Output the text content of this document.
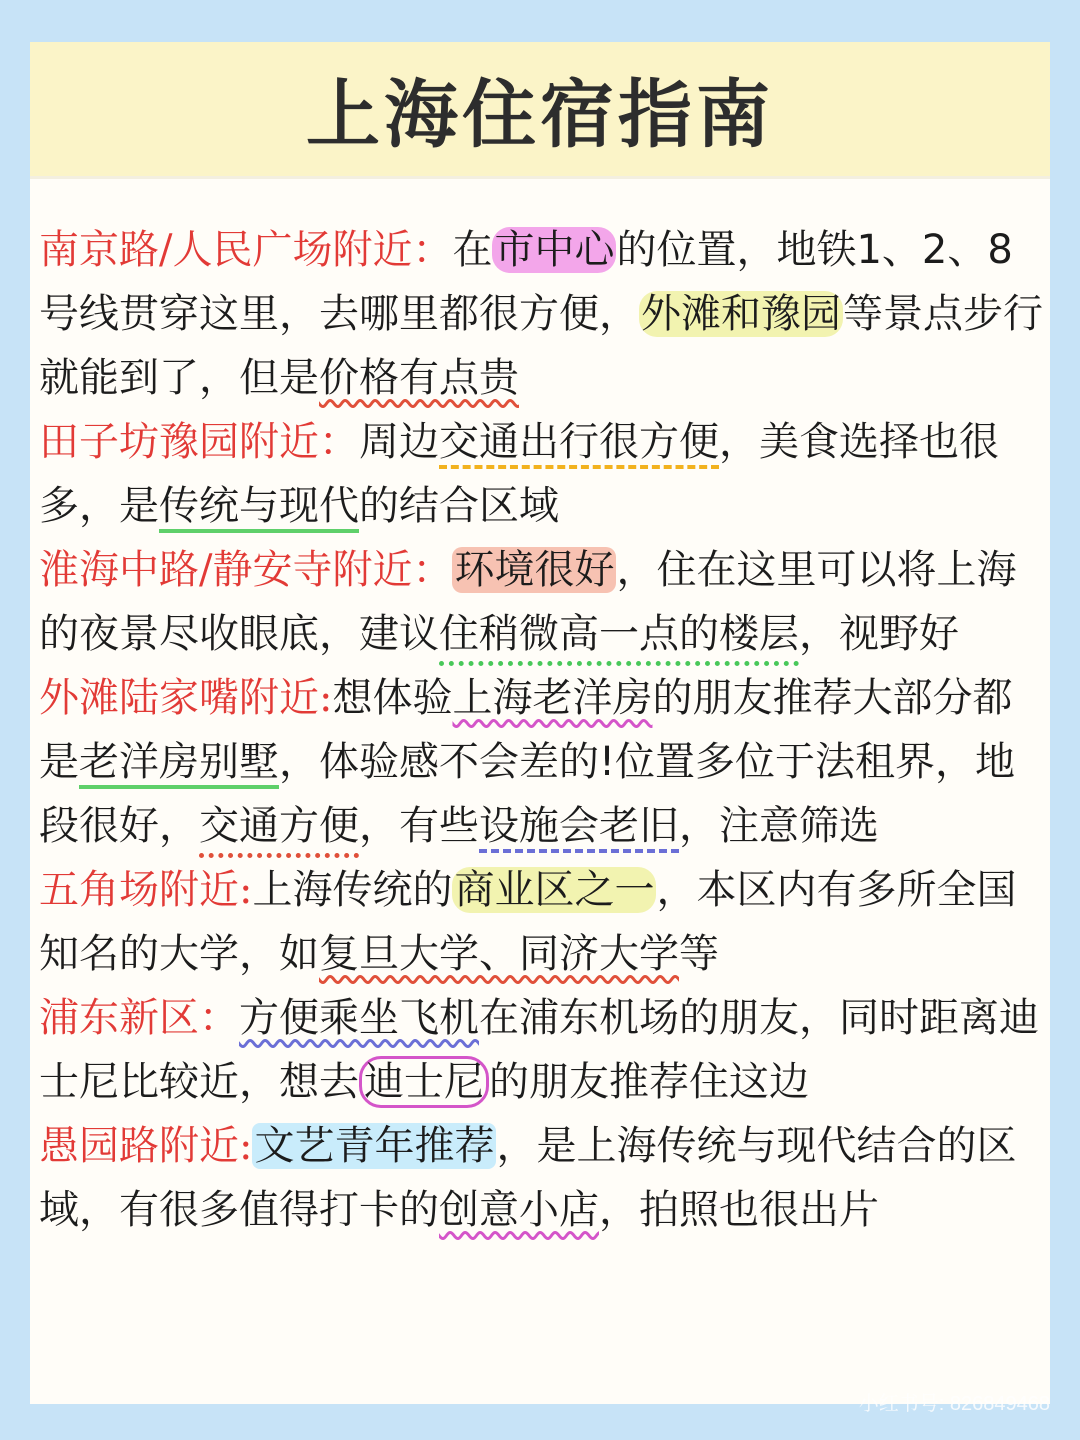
上海住宿指南

南京路/人民广场附近：在市中心的位置，地铁1、2、8号线贯穿这里，去哪里都很方便，外滩和豫园等景点步行就能到了，但是价格有点贵

田子坊豫园附近：周边交通出行很方便，美食选择也很多，是传统与现代的结合区域

淮海中路/静安寺附近：环境很好，住在这里可以将上海的夜景尽收眼底，建议住稍微高一点的楼层，视野好

外滩陆家嘴附近:想体验上海老洋房的朋友推荐大部分都是老洋房别墅，体验感不会差的!位置多位于法租界，地段很好，交通方便，有些设施会老旧，注意筛选

五角场附近:上海传统的商业区之一，本区内有多所全国知名的大学，如复旦大学、同济大学等

浦东新区：方便乘坐飞机在浦东机场的朋友，同时距离迪士尼比较近，想去 迪士尼 的朋友推荐住这边

愚园路附近:文艺青年推荐，是上海传统与现代结合的区域，有很多值得打卡的创意小店，拍照也很出片

小红书号: 826849468
